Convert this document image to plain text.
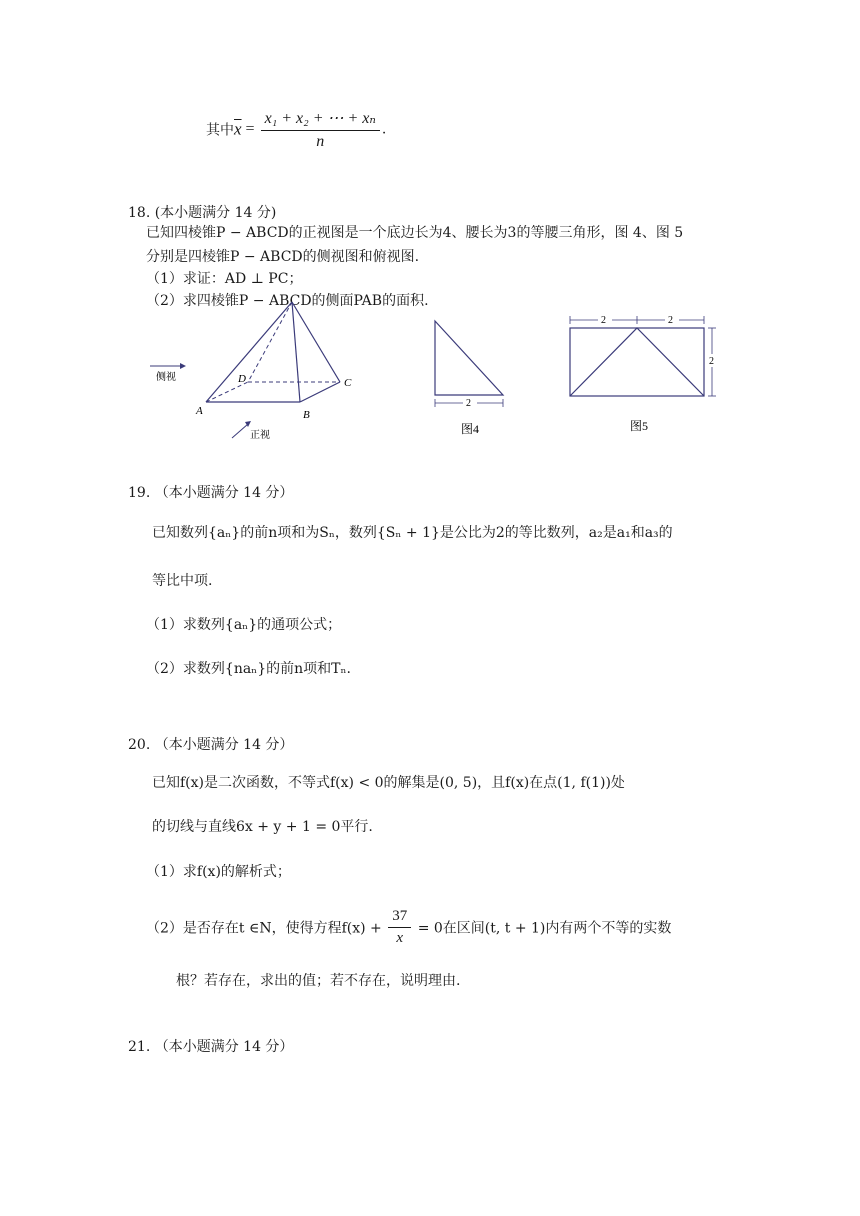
其中$\overline{x} = \frac{\text{x₁ + x₂ + ⋯ + xₙ}}{n}$ .
18. (本小题满分 14 分)
已知四棱锥P − ABCD的正视图是一个底边长为4、腰长为3的等腰三角形，图 4、图 5
分别是四棱锥P − ABCD的侧视图和俯视图.
（1）求证：AD ⊥ PC；
（2）求四棱锥P − ABCD的侧面PAB的面积.
A	B
C
D
侧视
正视
2
图4
2	2
2
图5
19. （本小题满分 14 分）
已知数列{aₙ}的前n项和为Sₙ，数列{Sₙ + 1}是公比为2的等比数列，a₂是a₁和a₃的
等比中项.
（1）求数列{aₙ}的通项公式；
（2）求数列{naₙ}的前n项和Tₙ.
20. （本小题满分 14 分）
已知f(x)是二次函数，不等式f(x) < 0的解集是(0, 5)，且f(x)在点(1, f(1))处
的切线与直线6x + y + 1 = 0平行.
（1）求f(x)的解析式；
（2）是否存在t ∈N，使得方程$f(x) + \frac{37}{x} = 0$在区间(t, t + 1)内有两个不等的实数
根？若存在，求出的值；若不存在，说明理由.
21. （本小题满分 14 分）
